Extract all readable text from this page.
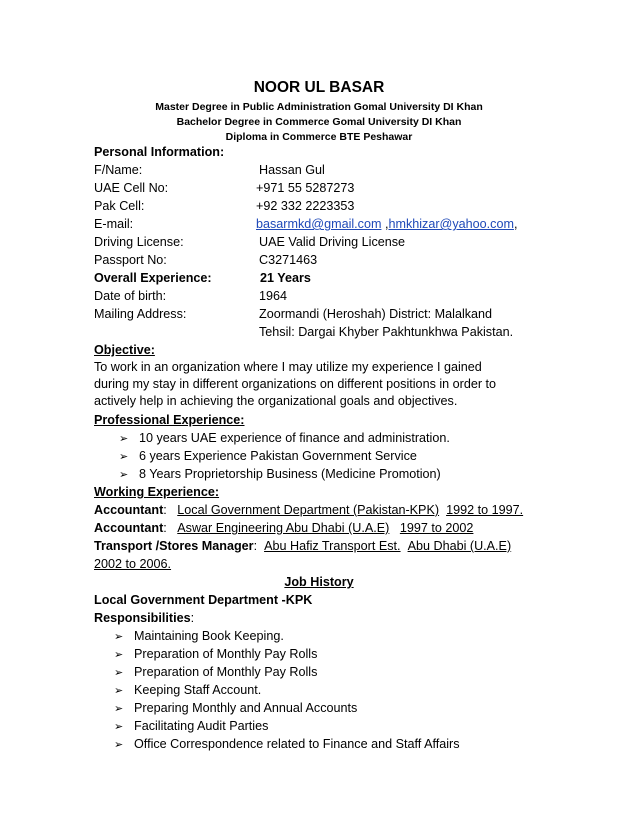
NOOR UL BASAR
Master Degree in Public Administration Gomal University DI Khan
Bachelor Degree in Commerce Gomal University DI Khan
Diploma in Commerce BTE Peshawar
Personal Information:
F/Name:	Hassan Gul
UAE Cell No:	+971 55 5287273
Pak Cell:	+92 332 2223353
E-mail:	basarmkd@gmail.com ,hmkhizar@yahoo.com,
Driving License:	UAE Valid Driving License
Passport No:	C3271463
Overall Experience:	21 Years
Date of birth:	1964
Mailing Address:	Zoormandi (Heroshah) District: Malalkand
Tehsil: Dargai Khyber Pakhtunkhwa Pakistan.
Objective:
To work in an organization where I may utilize my experience I gained
during my stay in different organizations on different positions in order to
actively help in achieving the organizational goals and objectives.
Professional Experience:
➢ 10 years UAE experience of finance and administration.
➢ 6 years Experience Pakistan Government Service
➢ 8 Years Proprietorship Business (Medicine Promotion)
Working Experience:
Accountant: Local Government Department (Pakistan-KPK) 1992 to 1997.
Accountant: Aswar Engineering Abu Dhabi (U.A.E) 1997 to 2002
Transport /Stores Manager: Abu Hafiz Transport Est. Abu Dhabi (U.A.E)
2002 to 2006.
Job History
Local Government Department -KPK
Responsibilities:
➢ Maintaining Book Keeping.
➢ Preparation of Monthly Pay Rolls
➢ Preparation of Monthly Pay Rolls
➢ Keeping Staff Account.
➢ Preparing Monthly and Annual Accounts
➢ Facilitating Audit Parties
➢ Office Correspondence related to Finance and Staff Affairs
